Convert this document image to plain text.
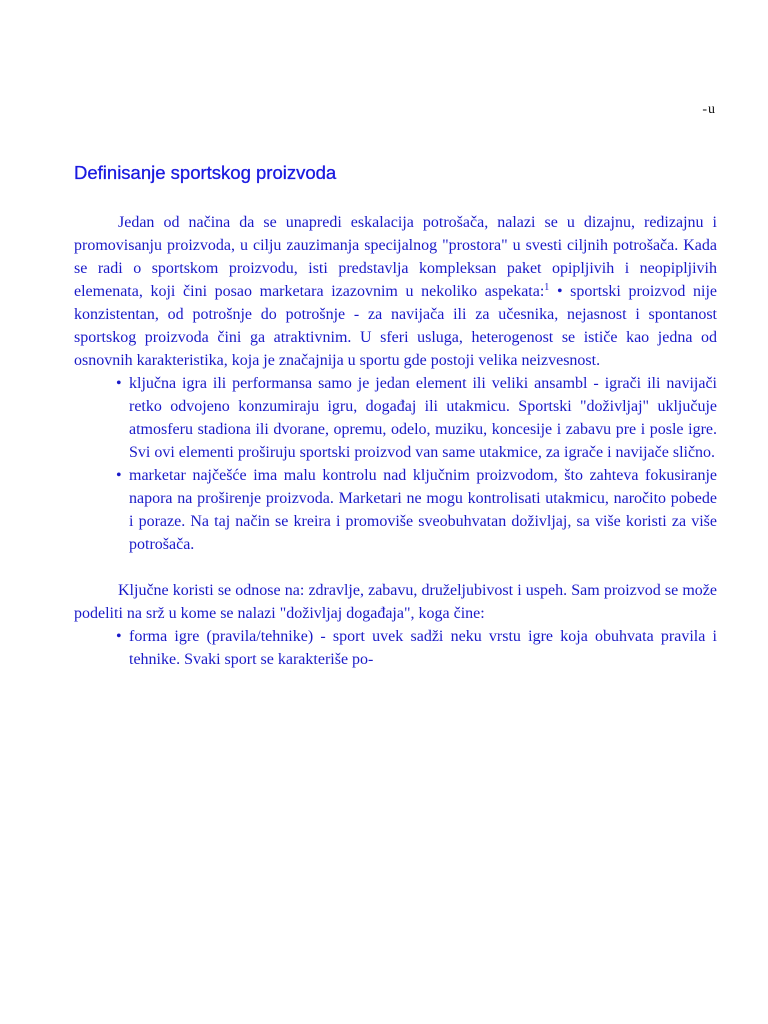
-u
Definisanje sportskog proizvoda

Jedan od načina da se unapredi eskalacija potrošača, nalazi se u dizajnu, redizajnu i promovisanju proizvoda, u cilju zauzimanja specijalnog "prostora" u svesti ciljnih potrošača. Kada se radi o sportskom proizvodu, isti predstavlja kompleksan paket opipljivih i neopipljivih elemenata, koji čini posao marketara izazovnim u nekoliko aspekata:$^1$ • sportski proizvod nije konzistentan, od potrošnje do potrošnje - za navijača ili za učesnika, nejasnost i spontanost sportskog proizvoda čini ga atraktivnim. U sferi usluga, heterogenost se ističe kao jedna od osnovnih karakteristika, koja je značajnija u sportu gde postoji velika neizvesnost.

• ključna igra ili performansa samo je jedan element ili veliki ansambl - igrači ili navijači retko odvojeno konzumiraju igru, događaj ili utakmicu. Sportski "doživljaj" uključuje atmosferu stadiona ili dvorane, opremu, odelo, muziku, koncesije i zabavu pre i posle igre. Svi ovi elementi proširuju sportski proizvod van same utakmice, za igrače i navijače slično.
• marketar najčešće ima malu kontrolu nad ključnim proizvodom, što zahteva fokusiranje napora na proširenje proizvoda. Marketari ne mogu kontrolisati utakmicu, naročito pobede i poraze. Na taj način se kreira i promoviše sveobuhvatan doživljaj, sa više koristi za više potrošača.

Ključne koristi se odnose na: zdravlje, zabavu, druželjubivost i uspeh. Sam proizvod se može podeliti na srž u kome se nalazi "doživljaj događaja", koga čine:

• forma igre (pravila/tehnike) - sport uvek sadži neku vrstu igre koja obuhvata pravila i tehnike. Svaki sport se karakteriše po-
